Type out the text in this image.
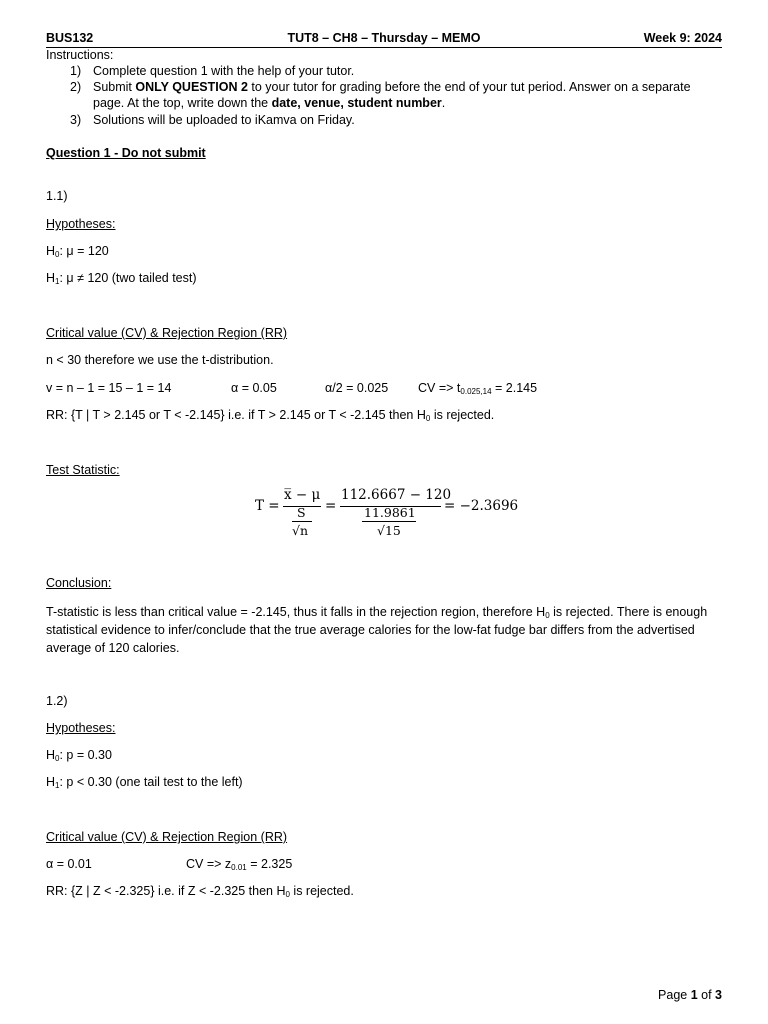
BUS132	TUT8 – CH8 – Thursday – MEMO	Week 9: 2024
Instructions:
1) Complete question 1 with the help of your tutor.
2) Submit ONLY QUESTION 2 to your tutor for grading before the end of your tut period. Answer on a separate
page. At the top, write down the date, venue, student number.
3) Solutions will be uploaded to iKamva on Friday.
Question 1 - Do not submit
1.1)
Hypotheses:
$H_0$: μ = 120
$H_1$: μ ≠ 120 (two tailed test)
Critical value (CV) & Rejection Region (RR)
n < 30 therefore we use the t-distribution.
v = n – 1 = 15 – 1 = 14	α = 0.05	α/2 = 0.025 CV => $t_{0.025,14} = 2.145$
RR: {T | T > 2.145 or T < -2.145} i.e. if T > 2.145 or T < -2.145 then $H_0$ is rejected.
Test Statistic:
T =
x̅ − μ
S
√n
=
112.6667 − 120
11.9861
√15
= −2.3696
Conclusion:
T-statistic is less than critical value = -2.145, thus it falls in the rejection region, therefore $H_0$ is rejected. There is enough statistical evidence to infer/conclude that the true average calories for the low-fat fudge bar differs from the advertised average of 120 calories.
1.2)
Hypotheses:
$H_0$: p = 0.30
$H_1$: p < 0.30 (one tail test to the left)
Critical value (CV) & Rejection Region (RR)
α = 0.01	CV => $z_{0.01} = 2.325$
RR: {Z | Z < -2.325} i.e. if Z < -2.325 then $H_0$ is rejected.
Page 1 of 3
